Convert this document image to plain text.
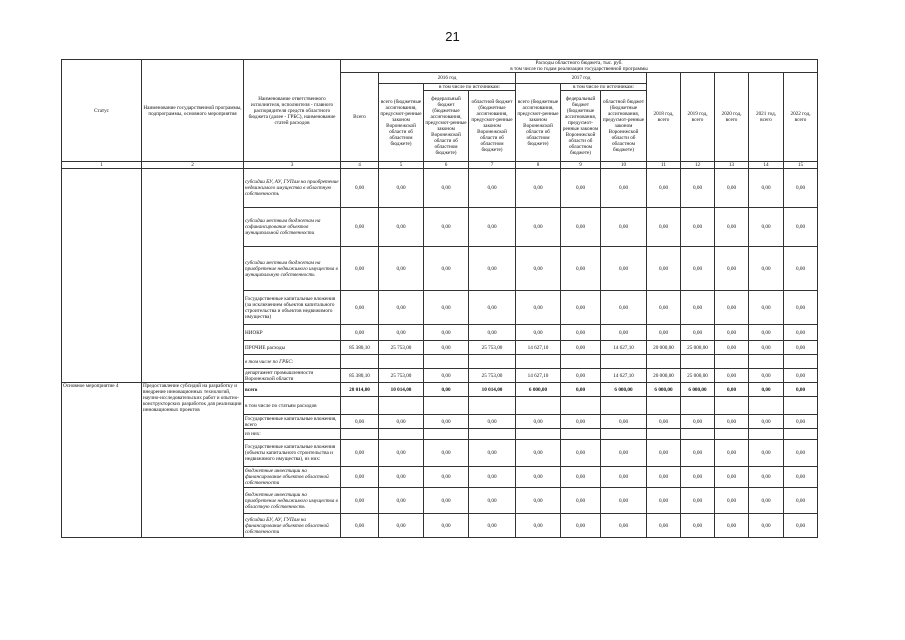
21
Статус	Наименование государственной программы, подпрограммы, основного мероприятия	Наименование ответственного исполнителя, исполнителя - главного распорядителя средств областного бюджета (далее - ГРБС), наименование статей расходов	Расходы областного бюджета, тыс. руб.
в том числе по годам реализации государственной программы											

			Всего	2016 год			2017 год			2018 год, всего	2019 год, всего	2020 год, всего	2021 год, всего	2022 год, всего
				всего (бюджетные ассигнования, предусмот-ренные законом Воронежской области об областном бюджете)	в том числе по источникам:		всего (бюджетные ассигнования, предусмот-ренные законом Воронежской области об областном бюджете)	в том числе по источникам:						
					федеральный бюджет (бюджетные ассигнования, предусмот-ренные законом Воронежской области об областном бюджете)	областной бюджет (бюджетные ассигнования, предусмот-ренные законом Воронежской области об областном бюджете)		федеральный бюджет (бюджетные ассигнования, предусмот-ренные законом Воронежской области об областном бюджете)	областной бюджет (бюджетные ассигнования, предусмот-ренные законом Воронежской области об областном бюджете)					
1	2	3	4	5	6	7	8	9	10	11	12	13	14	15
		субсидии БУ, АУ, ГУПам на приобретение недвижимого имущества в областную собственность	0,00	0,00	0,00	0,00	0,00	0,00	0,00	0,00	0,00	0,00	0,00	0,00
		субсидии местным бюджетам на софинансирование объектов муниципальной собственности	0,00	0,00	0,00	0,00	0,00	0,00	0,00	0,00	0,00	0,00	0,00	0,00
		субсидии местным бюджетам на приобретение недвижимого имущества в муниципальную собственность	0,00	0,00	0,00	0,00	0,00	0,00	0,00	0,00	0,00	0,00	0,00	0,00
		Государственные капитальные вложения (за исключением объектов капитального строительства и объектов недвижимого имущества)	0,00	0,00	0,00	0,00	0,00	0,00	0,00	0,00	0,00	0,00	0,00	0,00
		НИОКР	0,00	0,00	0,00	0,00	0,00	0,00	0,00	0,00	0,00	0,00	0,00	0,00
		ПРОЧИЕ расходы	85 380,10	25 753,00	0,00	25 753,00	14 627,10	0,00	14 627,10	20 000,00	25 000,00	0,00	0,00	0,00
		в том числе по ГРБС:												
		департамент промышленности Воронежской области	85 380,10	25 753,00	0,00	25 753,00	14 627,10	0,00	14 627,10	20 000,00	25 000,00	0,00	0,00	0,00
Основное мероприятие 4	Предоставление субсидий на разработку и внедрение инновационных технологий, научно-исследовательских работ и опытно-конструкторских разработок для реализации инновационных проектов	всего	28 014,00	10 014,00	0,00	10 014,00	6 000,00	0,00	6 000,00	6 000,00	6 000,00	0,00	0,00	0,00
		в том числе по статьям расходов												
		Государственные капитальные вложения, всего	0,00	0,00	0,00	0,00	0,00	0,00	0,00	0,00	0,00	0,00	0,00	0,00
		из них:												
		Государственные капитальные вложения (объекты капитального строительства и недвижимого имущества), из них:	0,00	0,00	0,00	0,00	0,00	0,00	0,00	0,00	0,00	0,00	0,00	0,00
		бюджетные инвестиции на финансирование объектов областной собственности	0,00	0,00	0,00	0,00	0,00	0,00	0,00	0,00	0,00	0,00	0,00	0,00
		бюджетные инвестиции на приобретение недвижимого имущества в областную собственность	0,00	0,00	0,00	0,00	0,00	0,00	0,00	0,00	0,00	0,00	0,00	0,00
		субсидии БУ, АУ, ГУПам на финансирование объектов областной собственности	0,00	0,00	0,00	0,00	0,00	0,00	0,00	0,00	0,00	0,00	0,00	0,00
